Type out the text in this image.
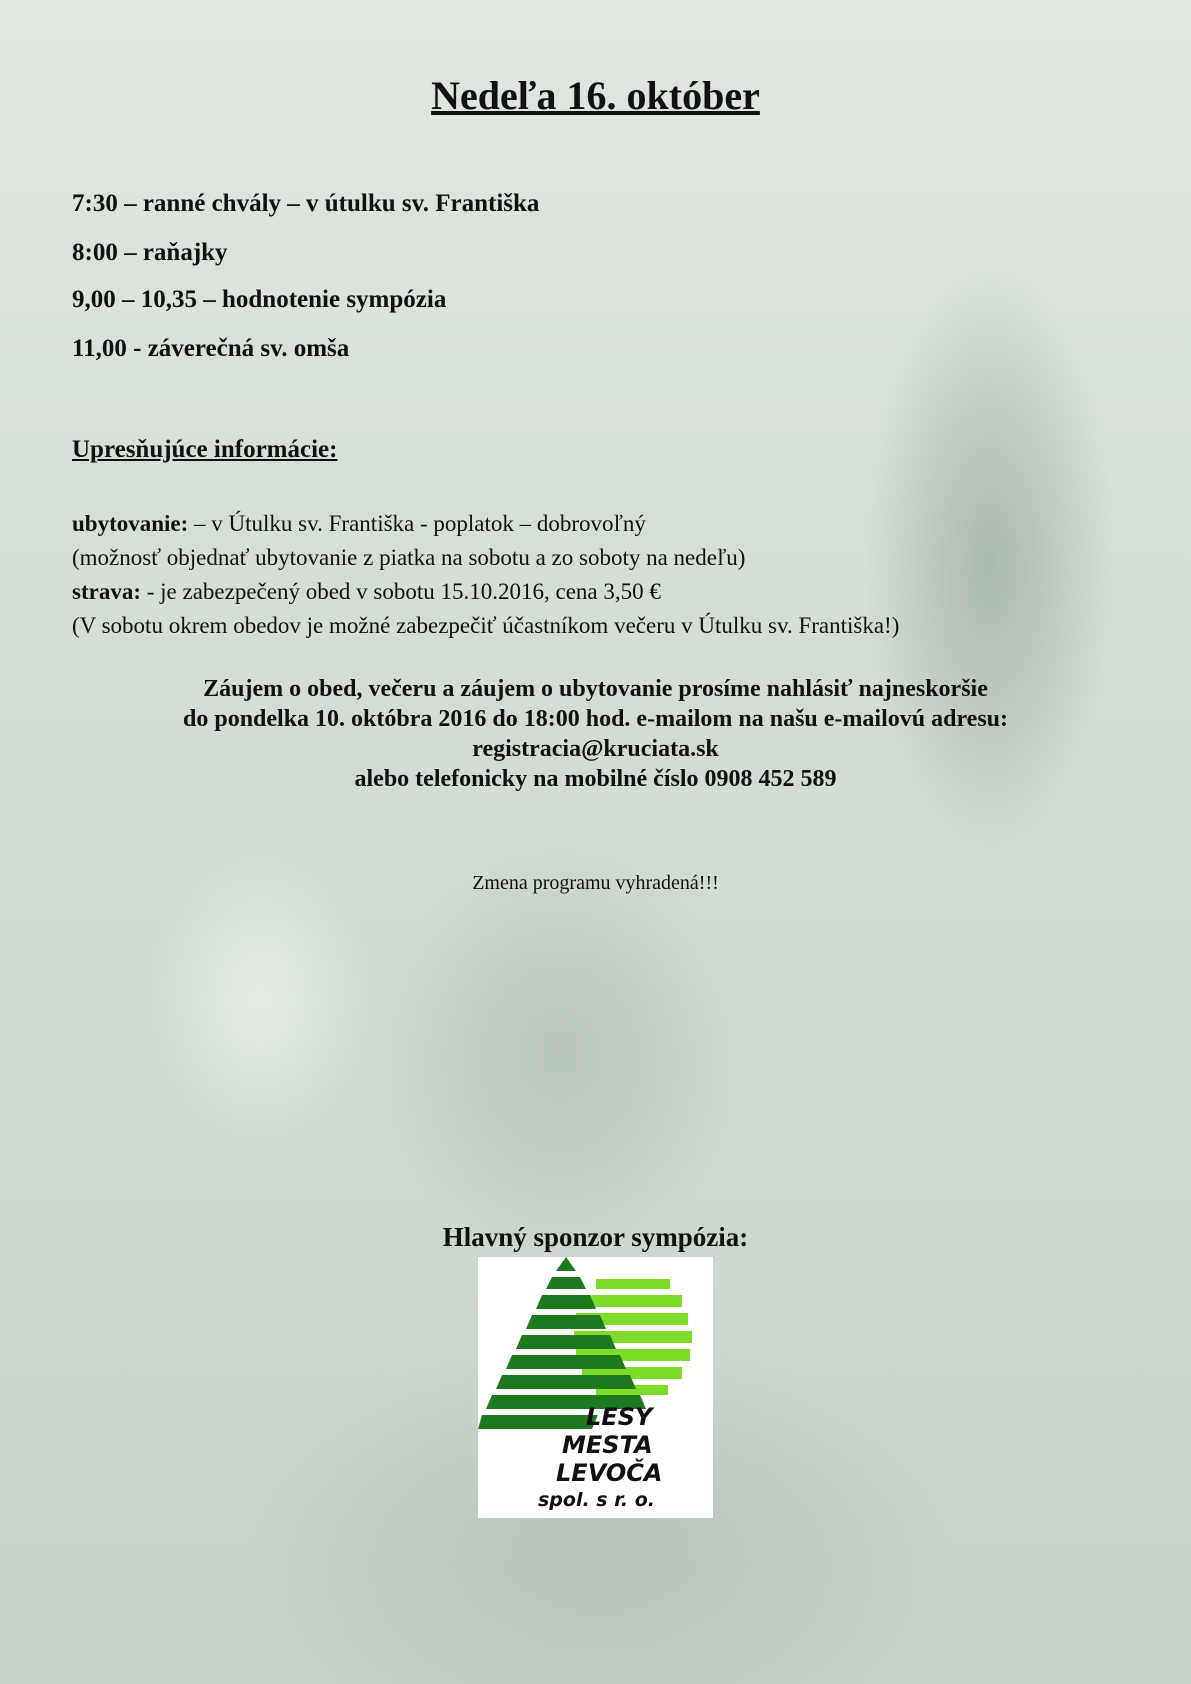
Nedeľa 16. október
7:30 – ranné chvály – v útulku sv. Františka
8:00 – raňajky
9,00 – 10,35 – hodnotenie sympózia
11,00 - záverečná sv. omša
Upresňujúce informácie:
ubytovanie: – v Útulku sv. Františka - poplatok – dobrovoľný
(možnosť objednať ubytovanie z piatka na sobotu a zo soboty na nedeľu)
strava: - je zabezpečený obed v sobotu 15.10.2016, cena 3,50 €
(V sobotu okrem obedov je možné zabezpečiť účastníkom večeru v Útulku sv. Františka!)
Záujem o obed, večeru a záujem o ubytovanie prosíme nahlásiť najneskoršie
do pondelka 10. októbra 2016 do 18:00 hod. e-mailom na našu e-mailovú adresu:
registracia@kruciata.sk
alebo telefonicky na mobilné číslo 0908 452 589
Zmena programu vyhradená!!!
Hlavný sponzor sympózia:
LESY
MESTA
LEVOČA
spol. s r. o.
